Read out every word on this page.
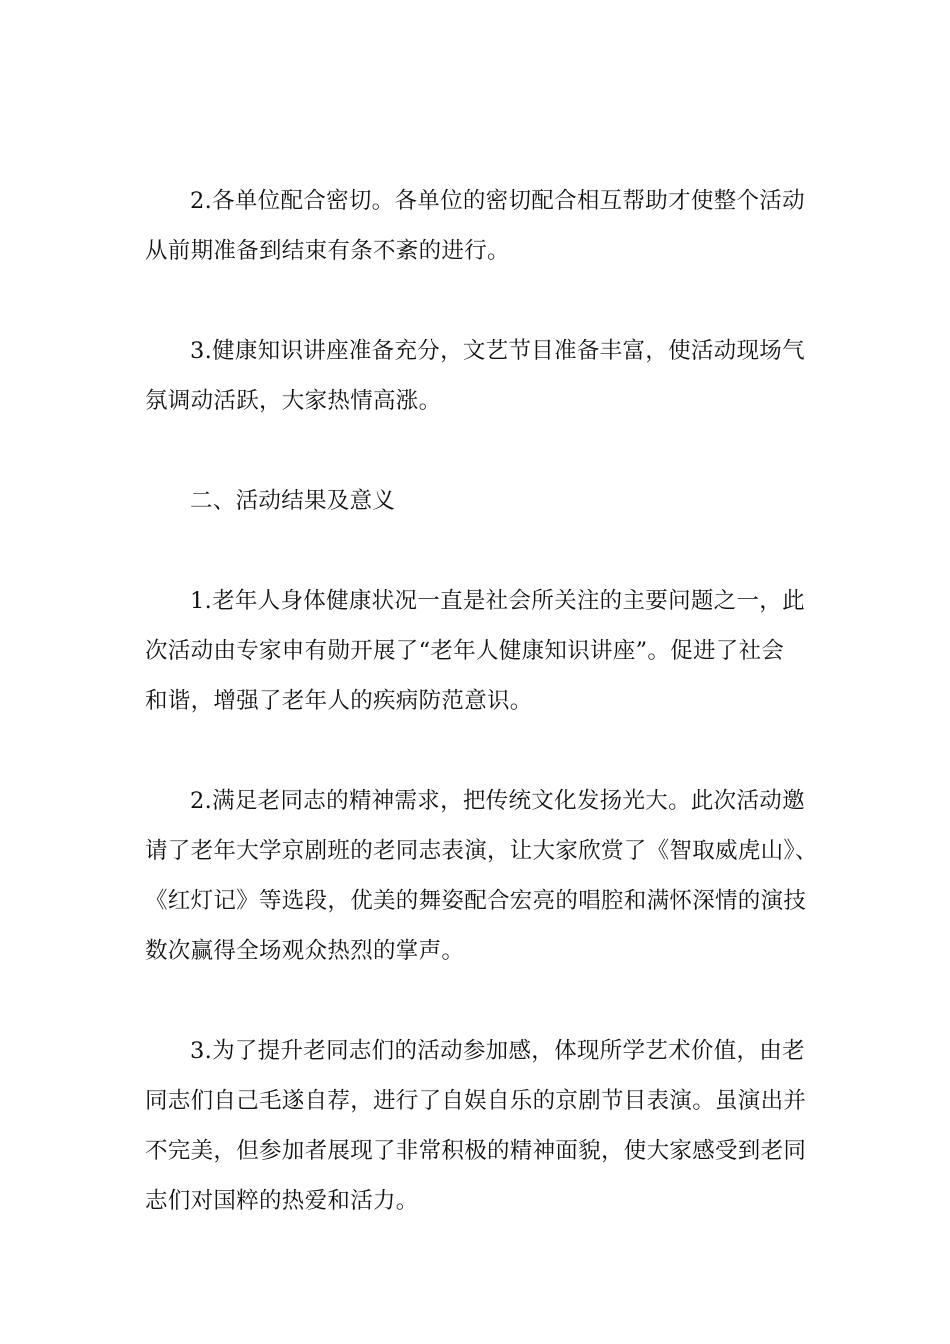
2.各单位配合密切。各单位的密切配合相互帮助才使整个活动
从前期准备到结束有条不紊的进行。
3.健康知识讲座准备充分，文艺节目准备丰富，使活动现场气
氛调动活跃，大家热情高涨。
二、活动结果及意义
1.老年人身体健康状况一直是社会所关注的主要问题之一，此
次活动由专家申有勋开展了“老年人健康知识讲座”。促进了社会
和谐，增强了老年人的疾病防范意识。
2.满足老同志的精神需求，把传统文化发扬光大。此次活动邀
请了老年大学京剧班的老同志表演，让大家欣赏了《智取威虎山》、
《红灯记》等选段，优美的舞姿配合宏亮的唱腔和满怀深情的演技
数次赢得全场观众热烈的掌声。
3.为了提升老同志们的活动参加感，体现所学艺术价值，由老
同志们自己毛遂自荐，进行了自娱自乐的京剧节目表演。虽演出并
不完美，但参加者展现了非常积极的精神面貌，使大家感受到老同
志们对国粹的热爱和活力。
